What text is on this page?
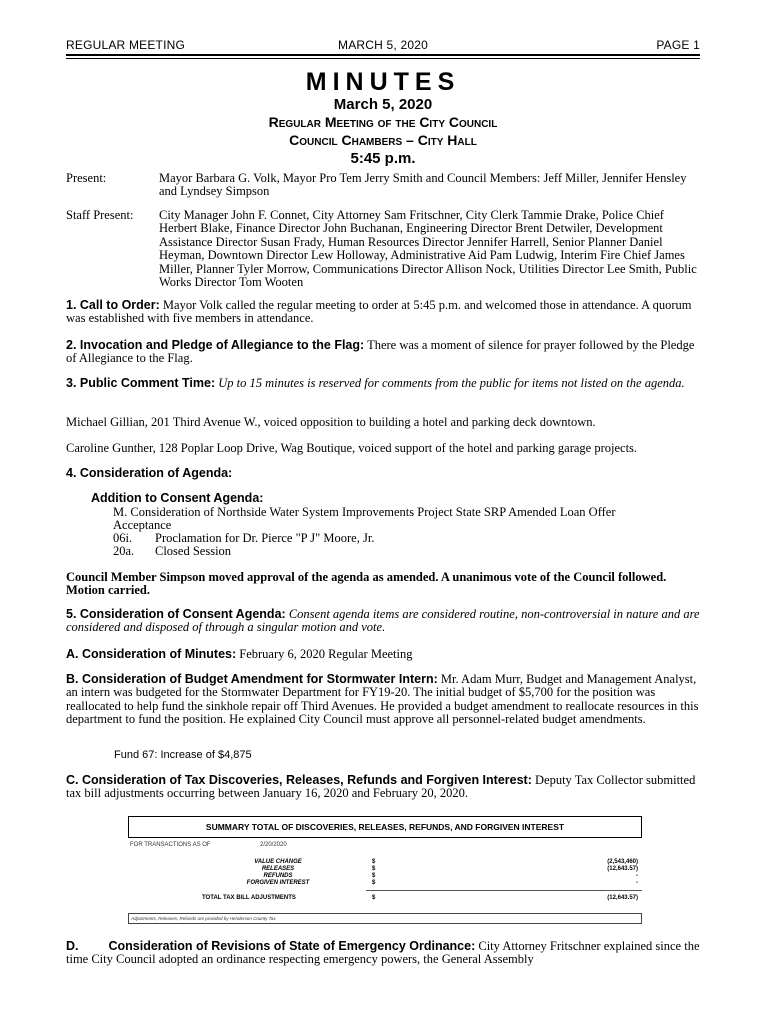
REGULAR MEETING	MARCH 5, 2020	PAGE 1
MINUTES
March 5, 2020
Regular Meeting of the City Council
Council Chambers – City Hall
5:45 p.m.
Present:	Mayor Barbara G. Volk, Mayor Pro Tem Jerry Smith and Council Members: Jeff Miller, Jennifer Hensley and Lyndsey Simpson
Staff Present:	City Manager John F. Connet, City Attorney Sam Fritschner, City Clerk Tammie Drake, Police Chief Herbert Blake, Finance Director John Buchanan, Engineering Director Brent Detwiler, Development Assistance Director Susan Frady, Human Resources Director Jennifer Harrell, Senior Planner Daniel Heyman, Downtown Director Lew Holloway, Administrative Aid Pam Ludwig, Interim Fire Chief James Miller, Planner Tyler Morrow, Communications Director Allison Nock, Utilities Director Lee Smith, Public Works Director Tom Wooten
1. Call to Order: Mayor Volk called the regular meeting to order at 5:45 p.m. and welcomed those in attendance. A quorum was established with five members in attendance.
2. Invocation and Pledge of Allegiance to the Flag: There was a moment of silence for prayer followed by the Pledge of Allegiance to the Flag.
3. Public Comment Time: Up to 15 minutes is reserved for comments from the public for items not listed on the agenda.
Michael Gillian, 201 Third Avenue W., voiced opposition to building a hotel and parking deck downtown.
Caroline Gunther, 128 Poplar Loop Drive, Wag Boutique, voiced support of the hotel and parking garage projects.
4. Consideration of Agenda:
Addition to Consent Agenda:
M. Consideration of Northside Water System Improvements Project State SRP Amended Loan Offer Acceptance
06i.	Proclamation for Dr. Pierce "P J" Moore, Jr.
20a.	Closed Session
Council Member Simpson moved approval of the agenda as amended. A unanimous vote of the Council followed. Motion carried.
5. Consideration of Consent Agenda: Consent agenda items are considered routine, non-controversial in nature and are considered and disposed of through a singular motion and vote.
A. Consideration of Minutes: February 6, 2020 Regular Meeting
B. Consideration of Budget Amendment for Stormwater Intern: Mr. Adam Murr, Budget and Management Analyst, an intern was budgeted for the Stormwater Department for FY19-20. The initial budget of $5,700 for the position was reallocated to help fund the sinkhole repair off Third Avenues. He provided a budget amendment to reallocate resources in this department to fund the position. He explained City Council must approve all personnel-related budget amendments.
Fund 67: Increase of $4,875
C. Consideration of Tax Discoveries, Releases, Refunds and Forgiven Interest: Deputy Tax Collector submitted tax bill adjustments occurring between January 16, 2020 and February 20, 2020.
SUMMARY TOTAL OF DISCOVERIES, RELEASES, REFUNDS, AND FORGIVEN INTEREST
FOR TRANSACTIONS AS OF	2/20/2020
VALUE CHANGE	$	(2,543,460)
RELEASES	$	(12,643.57)
REFUNDS	$	-
FORGIVEN INTEREST	$	-
TOTAL TAX BILL ADJUSTMENTS	$	(12,643.57)
Adjustments, Releases, Refunds are provided by Henderson County Tax
D. Consideration of Revisions of State of Emergency Ordinance: City Attorney Fritschner explained since the time City Council adopted an ordinance respecting emergency powers, the General Assembly
